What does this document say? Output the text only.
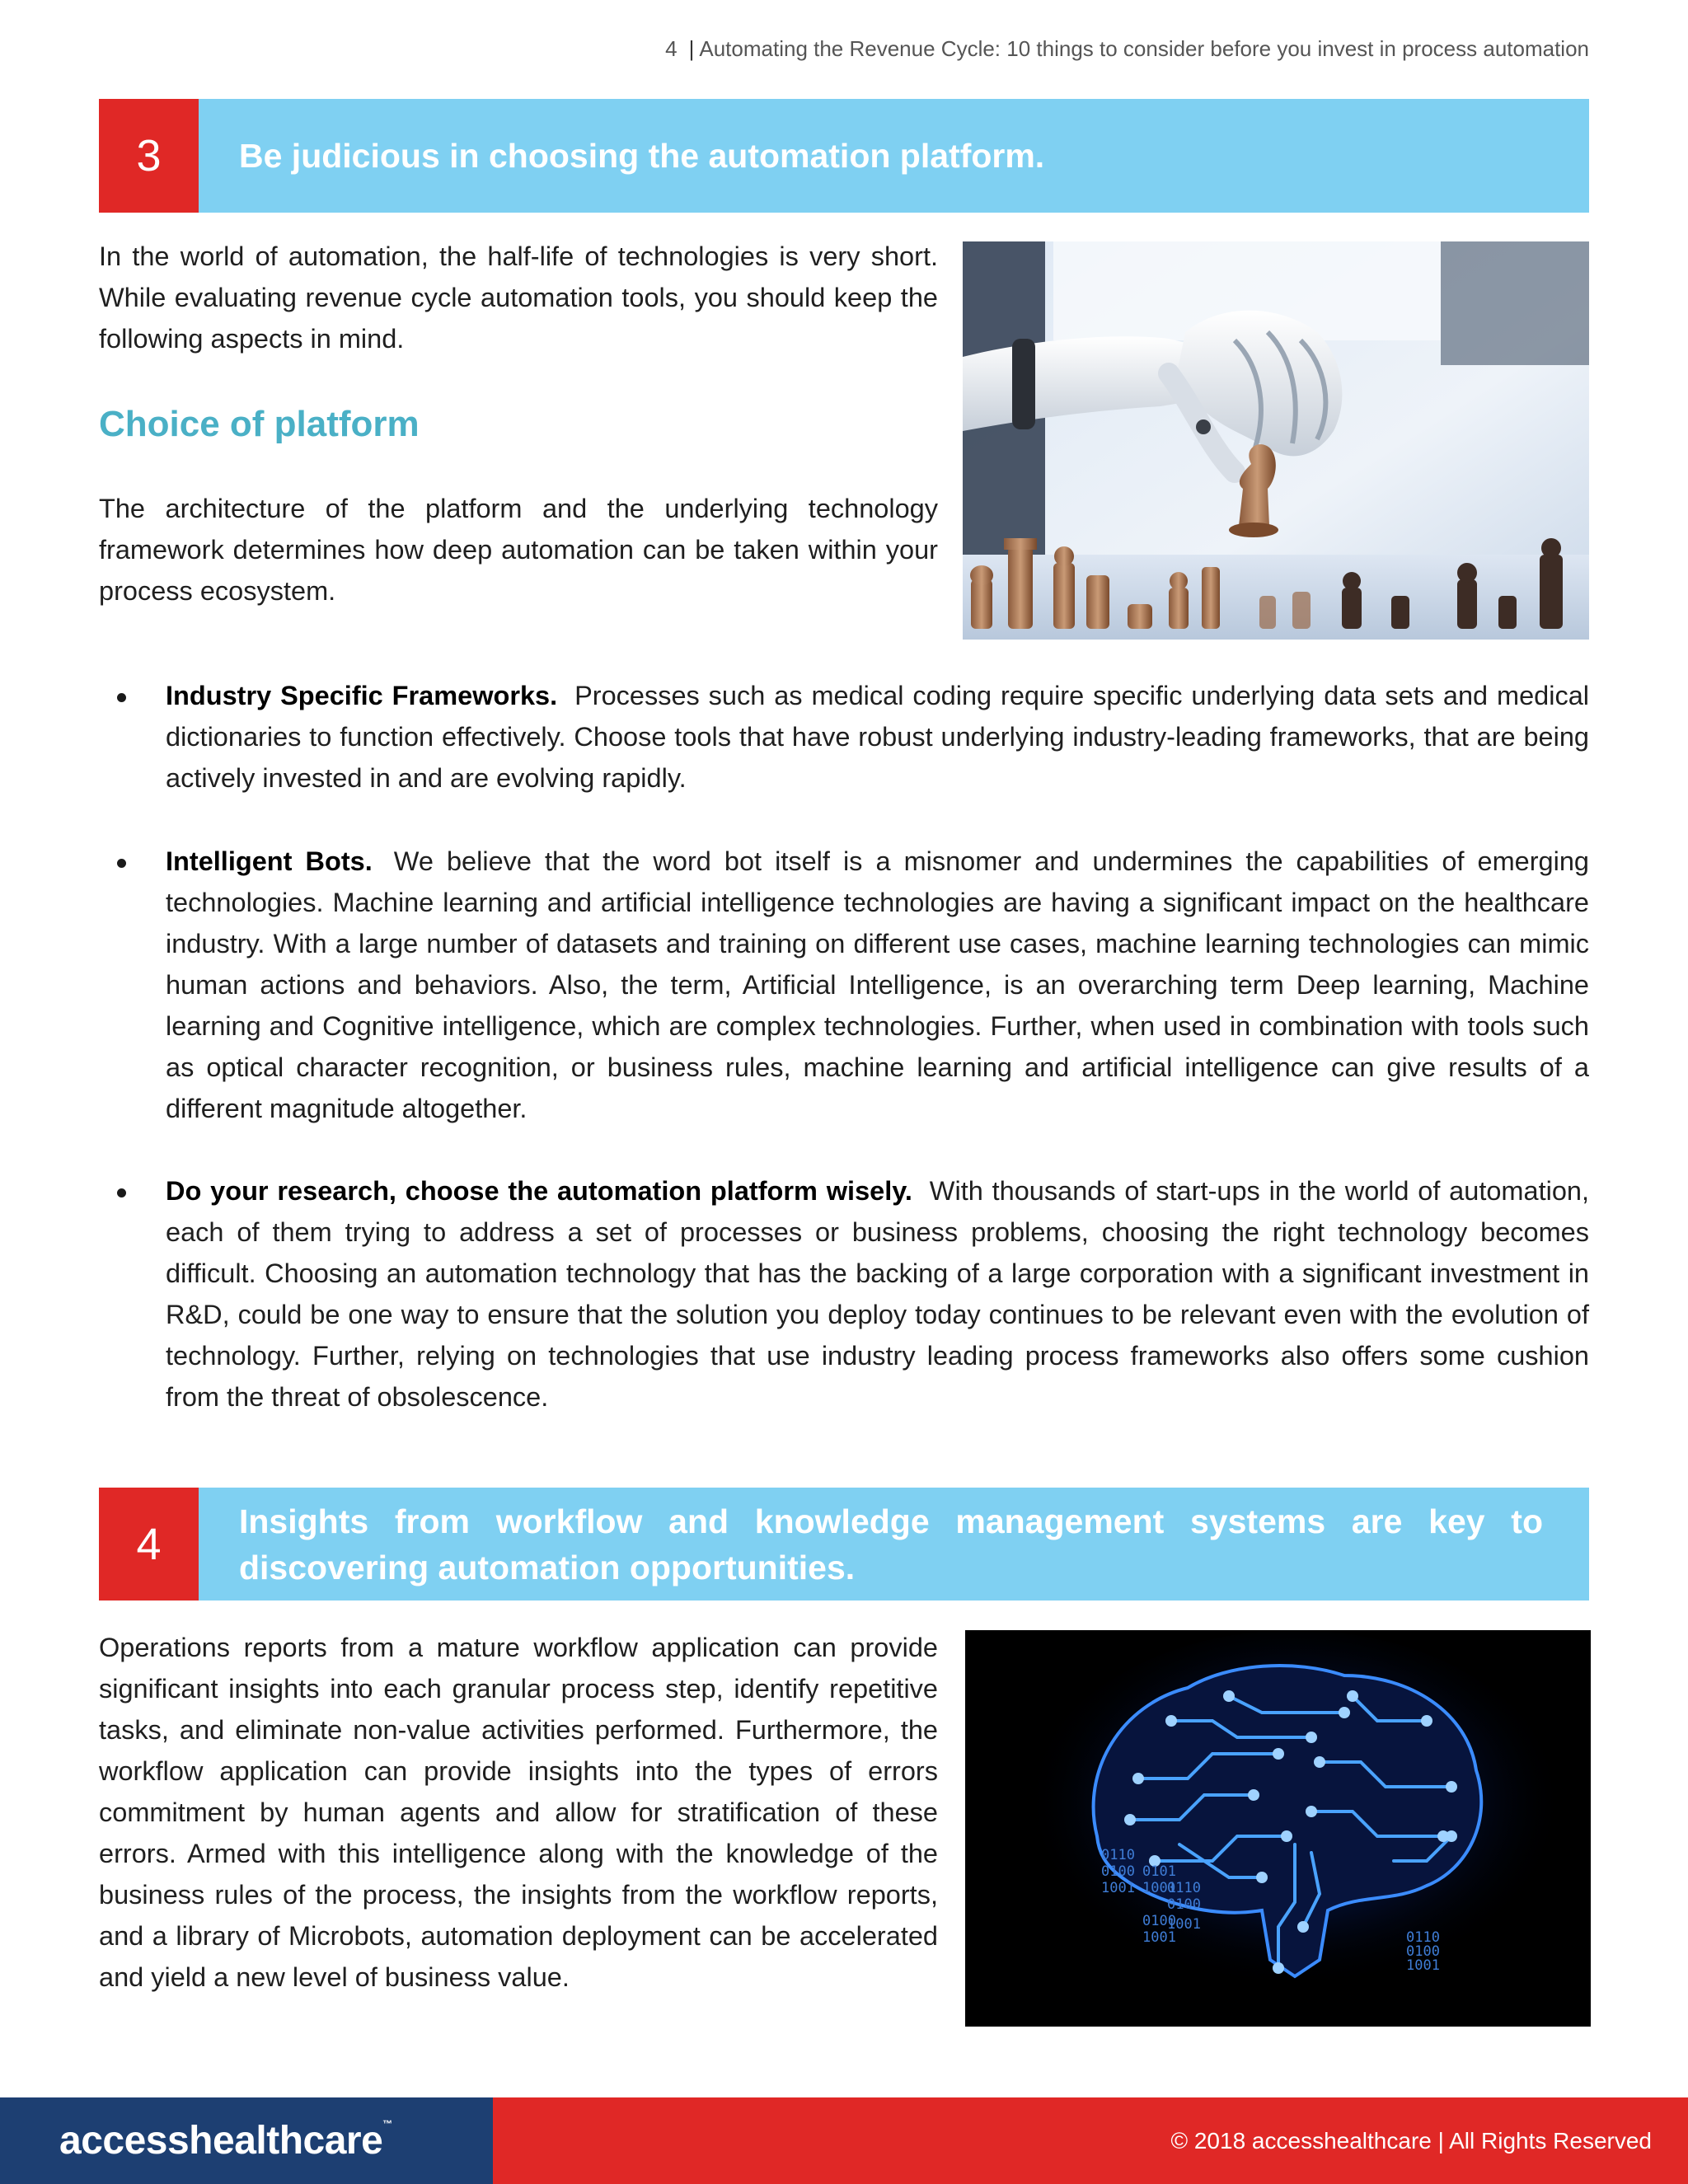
4 | Automating the Revenue Cycle: 10 things to consider before you invest in process automation
3	Be judicious in choosing the automation platform.

In the world of automation, the half-life of technologies is very short. While evaluating revenue cycle automation tools, you should keep the following aspects in mind.

Choice of platform

The architecture of the platform and the underlying technology framework determines how deep automation can be taken within your process ecosystem.

Industry Specific Frameworks. Processes such as medical coding require specific underlying data sets and medical dictionaries to function effectively. Choose tools that have robust underlying industry-leading frameworks, that are being actively invested in and are evolving rapidly.

Intelligent Bots. We believe that the word bot itself is a misnomer and undermines the capabilities of emerging technologies. Machine learning and artificial intelligence technologies are having a significant impact on the healthcare industry. With a large number of datasets and training on different use cases, machine learning technologies can mimic human actions and behaviors. Also, the term, Artificial Intelligence, is an overarching term Deep learning, Machine learning and Cognitive intelligence, which are complex technologies. Further, when used in combination with tools such as optical character recognition, or business rules, machine learning and artificial intelligence can give results of a different magnitude altogether.

Do your research, choose the automation platform wisely. With thousands of start-ups in the world of automation, each of them trying to address a set of processes or business problems, choosing the right technology becomes difficult. Choosing an automation technology that has the backing of a large corporation with a significant investment in R&D, could be one way to ensure that the solution you deploy today continues to be relevant even with the evolution of technology. Further, relying on technologies that use industry leading process frameworks also offers some cushion from the threat of obsolescence.

4	Insights from workflow and knowledge management systems are key to discovering automation opportunities.

Operations reports from a mature workflow application can provide significant insights into each granular process step, identify repetitive tasks, and eliminate non-value activities performed. Furthermore, the workflow application can provide insights into the types of errors commitment by human agents and allow for stratification of these errors. Armed with this intelligence along with the knowledge of the business rules of the process, the insights from the workflow reports, and a library of Microbots, automation deployment can be accelerated and yield a new level of business value.

0110
0100
1001
0101
1001
0110
0100
0100
1001
1001
0110
0100
1001
accesshealthcare™
© 2018 accesshealthcare | All Rights Reserved
